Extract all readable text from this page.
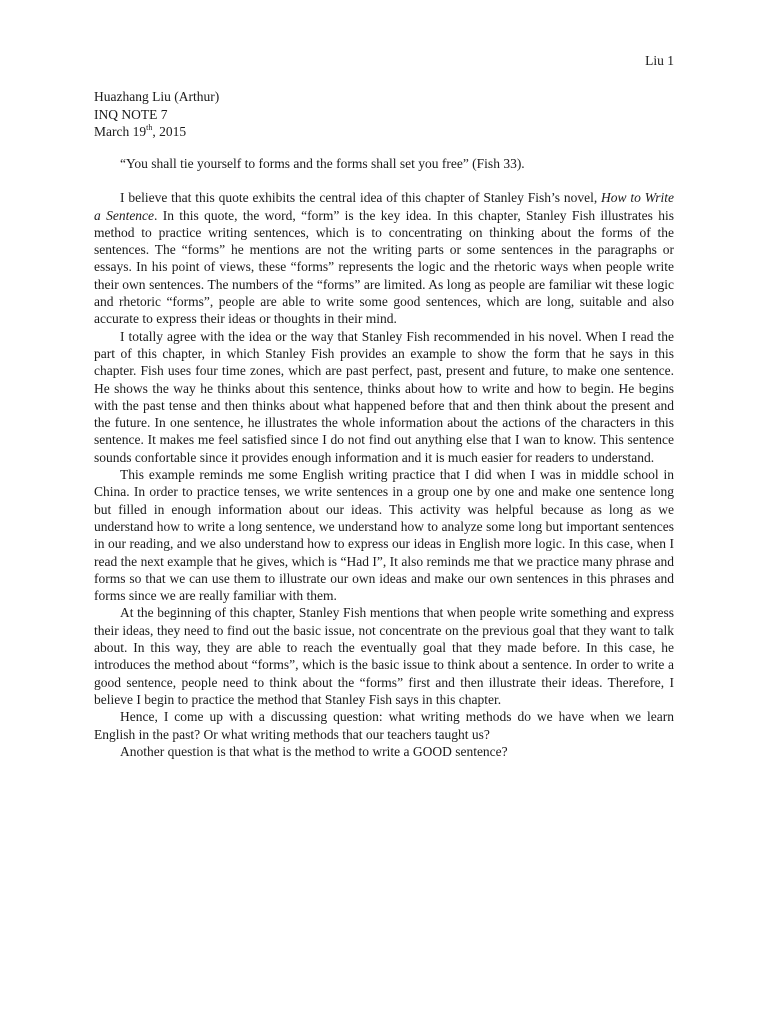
Liu 1
Huazhang Liu (Arthur)
INQ NOTE 7
March 19th, 2015

“You shall tie yourself to forms and the forms shall set you free” (Fish 33).

I believe that this quote exhibits the central idea of this chapter of Stanley Fish’s novel, How to Write a Sentence. In this quote, the word, “form” is the key idea. In this chapter, Stanley Fish illustrates his method to practice writing sentences, which is to concentrating on thinking about the forms of the sentences. The “forms” he mentions are not the writing parts or some sentences in the paragraphs or essays. In his point of views, these “forms” represents the logic and the rhetoric ways when people write their own sentences. The numbers of the “forms” are limited. As long as people are familiar wit these logic and rhetoric “forms”, people are able to write some good sentences, which are long, suitable and also accurate to express their ideas or thoughts in their mind.

I totally agree with the idea or the way that Stanley Fish recommended in his novel. When I read the part of this chapter, in which Stanley Fish provides an example to show the form that he says in this chapter. Fish uses four time zones, which are past perfect, past, present and future, to make one sentence. He shows the way he thinks about this sentence, thinks about how to write and how to begin. He begins with the past tense and then thinks about what happened before that and then think about the present and the future. In one sentence, he illustrates the whole information about the actions of the characters in this sentence. It makes me feel satisfied since I do not find out anything else that I wan to know. This sentence sounds confortable since it provides enough information and it is much easier for readers to understand.

This example reminds me some English writing practice that I did when I was in middle school in China. In order to practice tenses, we write sentences in a group one by one and make one sentence long but filled in enough information about our ideas. This activity was helpful because as long as we understand how to write a long sentence, we understand how to analyze some long but important sentences in our reading, and we also understand how to express our ideas in English more logic. In this case, when I read the next example that he gives, which is “Had I”, It also reminds me that we practice many phrase and forms so that we can use them to illustrate our own ideas and make our own sentences in this phrases and forms since we are really familiar with them.

At the beginning of this chapter, Stanley Fish mentions that when people write something and express their ideas, they need to find out the basic issue, not concentrate on the previous goal that they want to talk about. In this way, they are able to reach the eventually goal that they made before. In this case, he introduces the method about “forms”, which is the basic issue to think about a sentence. In order to write a good sentence, people need to think about the “forms” first and then illustrate their ideas. Therefore, I believe I begin to practice the method that Stanley Fish says in this chapter.

Hence, I come up with a discussing question: what writing methods do we have when we learn English in the past? Or what writing methods that our teachers taught us?

Another question is that what is the method to write a GOOD sentence?
